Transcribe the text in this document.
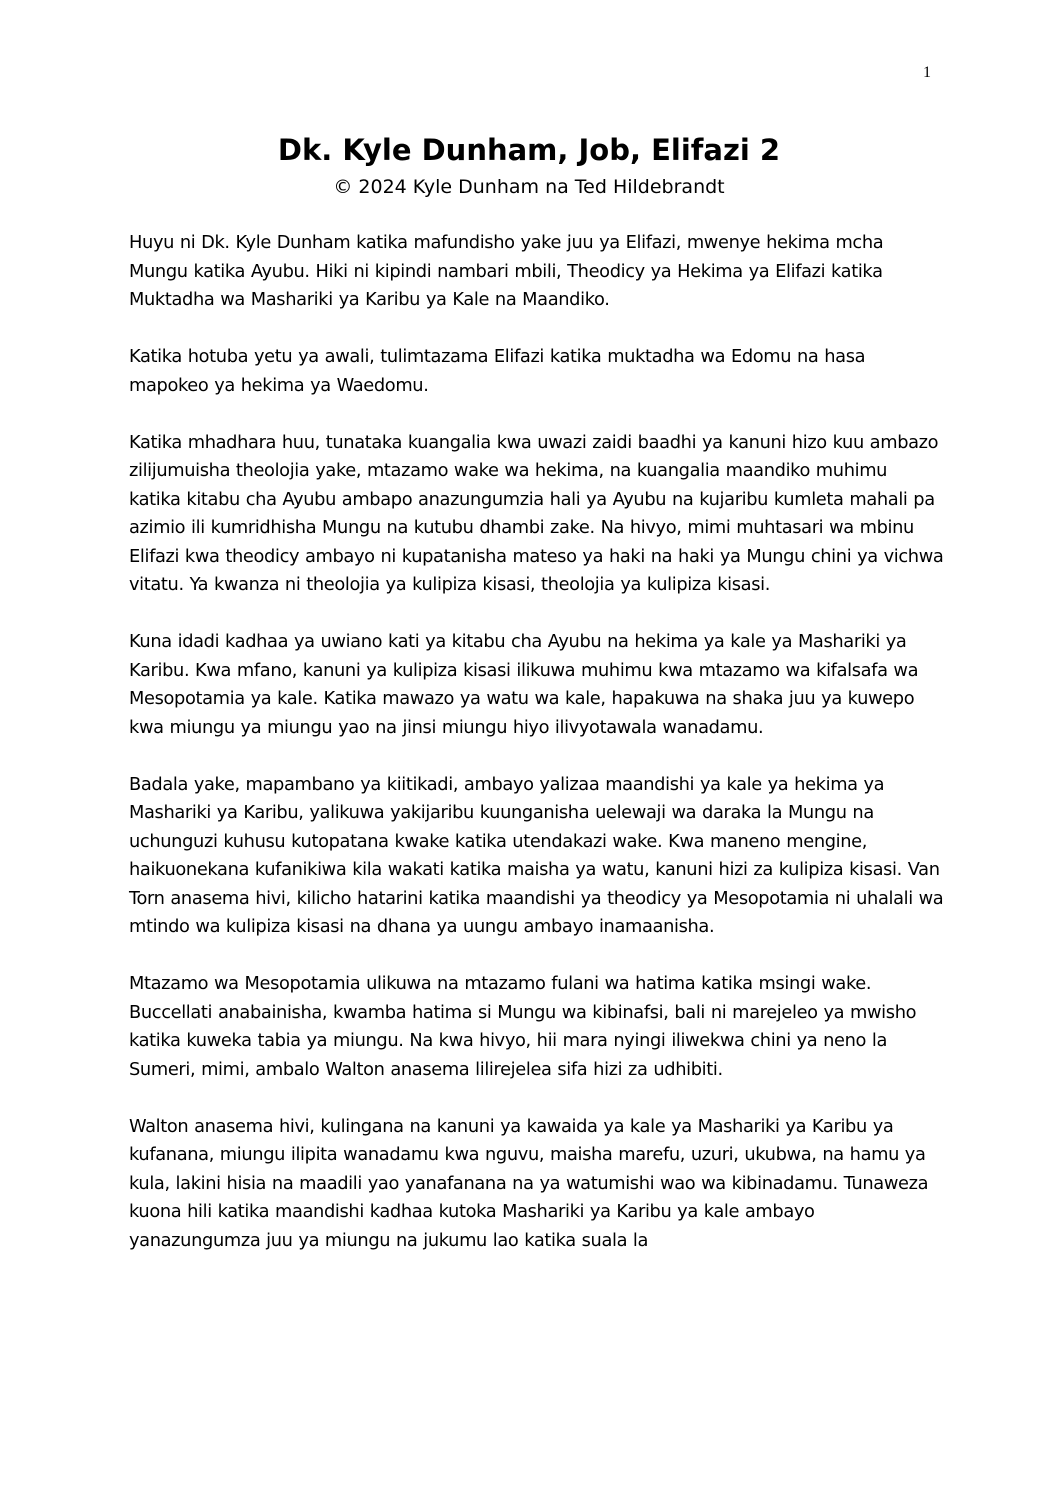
1
Dk. Kyle Dunham, Job, Elifazi 2
© 2024 Kyle Dunham na Ted Hildebrandt

Huyu ni Dk. Kyle Dunham katika mafundisho yake juu ya Elifazi, mwenye hekima mcha Mungu katika Ayubu. Hiki ni kipindi nambari mbili, Theodicy ya Hekima ya Elifazi katika Muktadha wa Mashariki ya Karibu ya Kale na Maandiko.

Katika hotuba yetu ya awali, tulimtazama Elifazi katika muktadha wa Edomu na hasa mapokeo ya hekima ya Waedomu.

Katika mhadhara huu, tunataka kuangalia kwa uwazi zaidi baadhi ya kanuni hizo kuu ambazo zilijumuisha theolojia yake, mtazamo wake wa hekima, na kuangalia maandiko muhimu katika kitabu cha Ayubu ambapo anazungumzia hali ya Ayubu na kujaribu kumleta mahali pa azimio ili kumridhisha Mungu na kutubu dhambi zake. Na hivyo, mimi muhtasari wa mbinu Elifazi kwa theodicy ambayo ni kupatanisha mateso ya haki na haki ya Mungu chini ya vichwa vitatu. Ya kwanza ni theolojia ya kulipiza kisasi, theolojia ya kulipiza kisasi.

Kuna idadi kadhaa ya uwiano kati ya kitabu cha Ayubu na hekima ya kale ya Mashariki ya Karibu. Kwa mfano, kanuni ya kulipiza kisasi ilikuwa muhimu kwa mtazamo wa kifalsafa wa Mesopotamia ya kale. Katika mawazo ya watu wa kale, hapakuwa na shaka juu ya kuwepo kwa miungu ya miungu yao na jinsi miungu hiyo ilivyotawala wanadamu.

Badala yake, mapambano ya kiitikadi, ambayo yalizaa maandishi ya kale ya hekima ya Mashariki ya Karibu, yalikuwa yakijaribu kuunganisha uelewaji wa daraka la Mungu na uchunguzi kuhusu kutopatana kwake katika utendakazi wake. Kwa maneno mengine, haikuonekana kufanikiwa kila wakati katika maisha ya watu, kanuni hizi za kulipiza kisasi. Van Torn anasema hivi, kilicho hatarini katika maandishi ya theodicy ya Mesopotamia ni uhalali wa mtindo wa kulipiza kisasi na dhana ya uungu ambayo inamaanisha.

Mtazamo wa Mesopotamia ulikuwa na mtazamo fulani wa hatima katika msingi wake. Buccellati anabainisha, kwamba hatima si Mungu wa kibinafsi, bali ni marejeleo ya mwisho katika kuweka tabia ya miungu. Na kwa hivyo, hii mara nyingi iliwekwa chini ya neno la Sumeri, mimi, ambalo Walton anasema lilirejelea sifa hizi za udhibiti.

Walton anasema hivi, kulingana na kanuni ya kawaida ya kale ya Mashariki ya Karibu ya kufanana, miungu ilipita wanadamu kwa nguvu, maisha marefu, uzuri, ukubwa, na hamu ya kula, lakini hisia na maadili yao yanafanana na ya watumishi wao wa kibinadamu. Tunaweza kuona hili katika maandishi kadhaa kutoka Mashariki ya Karibu ya kale ambayo yanazungumza juu ya miungu na jukumu lao katika suala la
